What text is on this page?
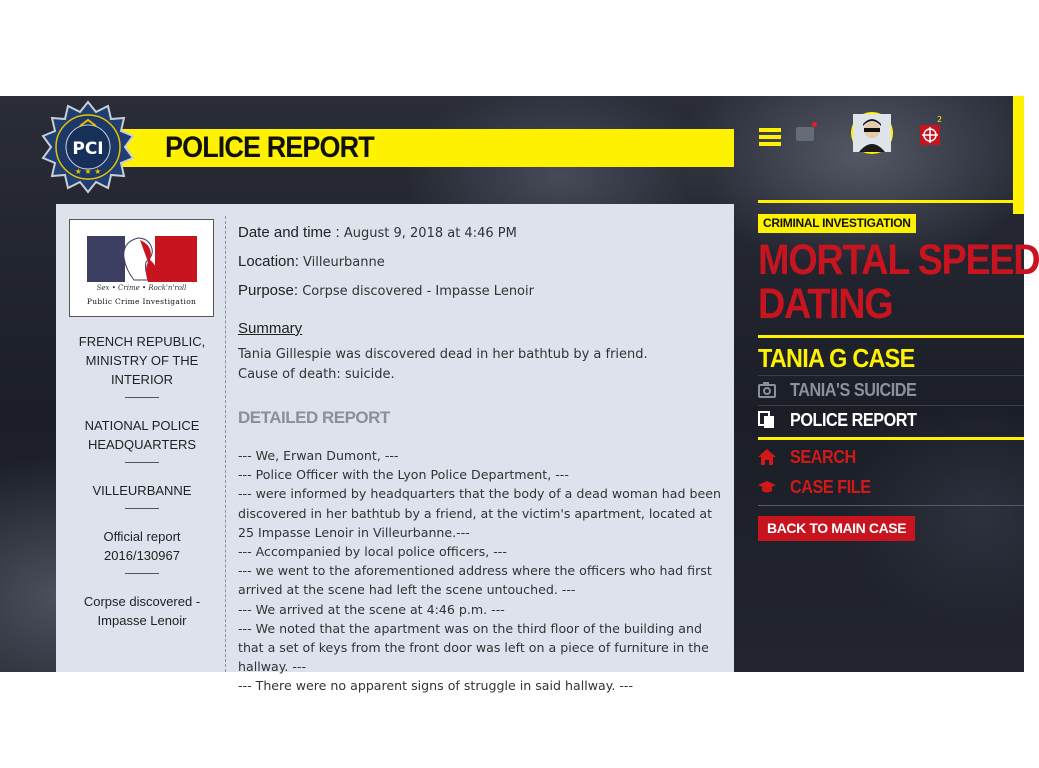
PCI
★ ★ ★
POLICE REPORT
2
Sex • Crime • Rock'n'roll
Public Crime Investigation
FRENCH REPUBLIC, MINISTRY OF THE INTERIOR
NATIONAL POLICE HEADQUARTERS
VILLEURBANNE
Official report 2016/130967
Corpse discovered - Impasse Lenoir
Date and time : August 9, 2018 at 4:46 PM
Location: Villeurbanne
Purpose: Corpse discovered - Impasse Lenoir
Summary
Tania Gillespie was discovered dead in her bathtub by a friend.
Cause of death: suicide.
DETAILED REPORT

--- We, Erwan Dumont, ---

--- Police Officer with the Lyon Police Department, ---

--- were informed by headquarters that the body of a dead woman had been discovered in her bathtub by a friend, at the victim's apartment, located at 25 Impasse Lenoir in Villeurbanne.---

--- Accompanied by local police officers, ---

--- we went to the aforementioned address where the officers who had first arrived at the scene had left the scene untouched. ---

--- We arrived at the scene at 4:46 p.m. ---

--- We noted that the apartment was on the third floor of the building and that a set of keys from the front door was left on a piece of furniture in the hallway. ---

--- There were no apparent signs of struggle in said hallway. ---

CRIMINAL INVESTIGATION
MORTAL SPEED
DATING
TANIA G CASE
TANIA'S SUICIDE
POLICE REPORT
SEARCH
CASE FILE
BACK TO MAIN CASE
